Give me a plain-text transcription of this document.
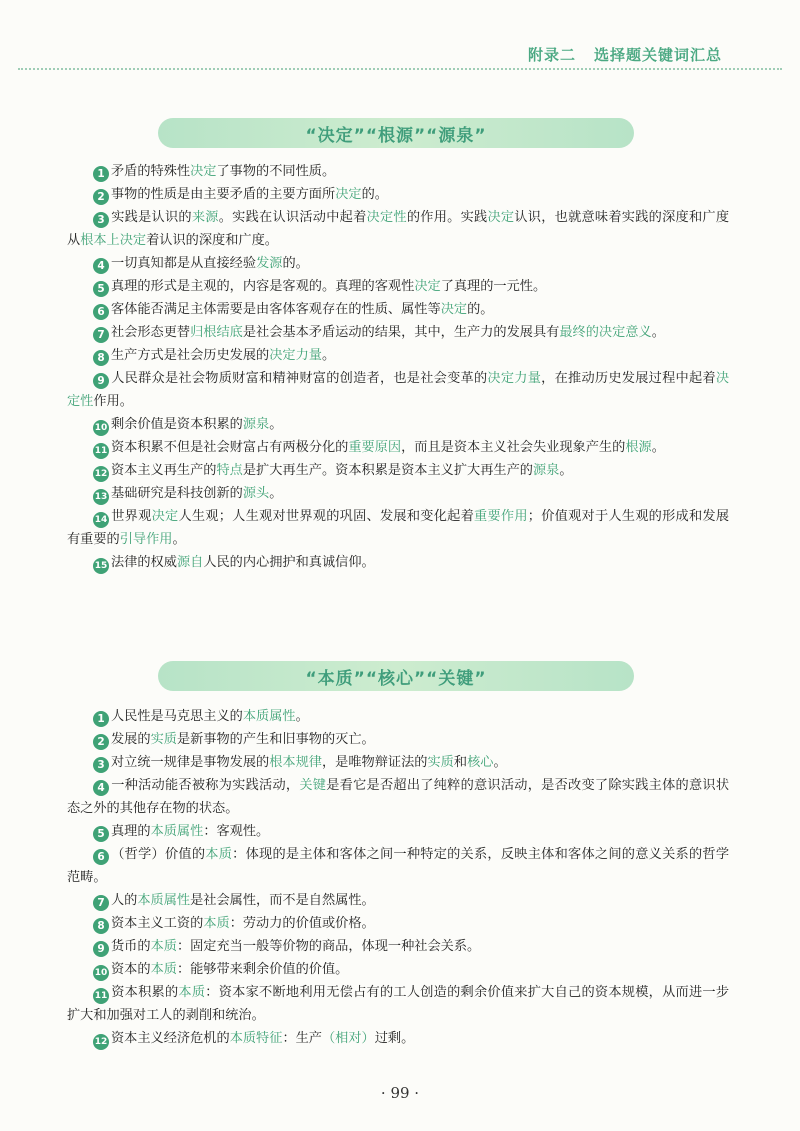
附录二 选择题关键词汇总
“决定”“根源”“源泉”

1 矛盾的特殊性决定了事物的不同性质。

2 事物的性质是由主要矛盾的主要方面所决定的。

3 实践是认识的来源。实践在认识活动中起着决定性的作用。实践决定认识，也就意味着实践的深度和广度从根本上决定着认识的深度和广度。

4 一切真知都是从直接经验发源的。

5 真理的形式是主观的，内容是客观的。真理的客观性决定了真理的一元性。

6 客体能否满足主体需要是由客体客观存在的性质、属性等决定的。

7 社会形态更替归根结底是社会基本矛盾运动的结果，其中，生产力的发展具有最终的决定意义。

8 生产方式是社会历史发展的决定力量。

9 人民群众是社会物质财富和精神财富的创造者，也是社会变革的决定力量，在推动历史发展过程中起着决定性作用。

10 剩余价值是资本积累的源泉。

11 资本积累不但是社会财富占有两极分化的重要原因，而且是资本主义社会失业现象产生的根源。

12 资本主义再生产的特点是扩大再生产。资本积累是资本主义扩大再生产的源泉。

13 基础研究是科技创新的源头。

14 世界观决定人生观；人生观对世界观的巩固、发展和变化起着重要作用；价值观对于人生观的形成和发展有重要的引导作用。

15 法律的权威源自人民的内心拥护和真诚信仰。

“本质”“核心”“关键”

1 人民性是马克思主义的本质属性。

2 发展的实质是新事物的产生和旧事物的灭亡。

3 对立统一规律是事物发展的根本规律，是唯物辩证法的实质和核心。

4 一种活动能否被称为实践活动，关键是看它是否超出了纯粹的意识活动，是否改变了除实践主体的意识状态之外的其他存在物的状态。

5 真理的本质属性：客观性。

6 （哲学）价值的本质：体现的是主体和客体之间一种特定的关系，反映主体和客体之间的意义关系的哲学范畴。

7 人的本质属性是社会属性，而不是自然属性。

8 资本主义工资的本质：劳动力的价值或价格。

9 货币的本质：固定充当一般等价物的商品，体现一种社会关系。

10 资本的本质：能够带来剩余价值的价值。

11 资本积累的本质：资本家不断地利用无偿占有的工人创造的剩余价值来扩大自己的资本规模，从而进一步扩大和加强对工人的剥削和统治。

12 资本主义经济危机的本质特征：生产（相对）过剩。

· 99 ·
